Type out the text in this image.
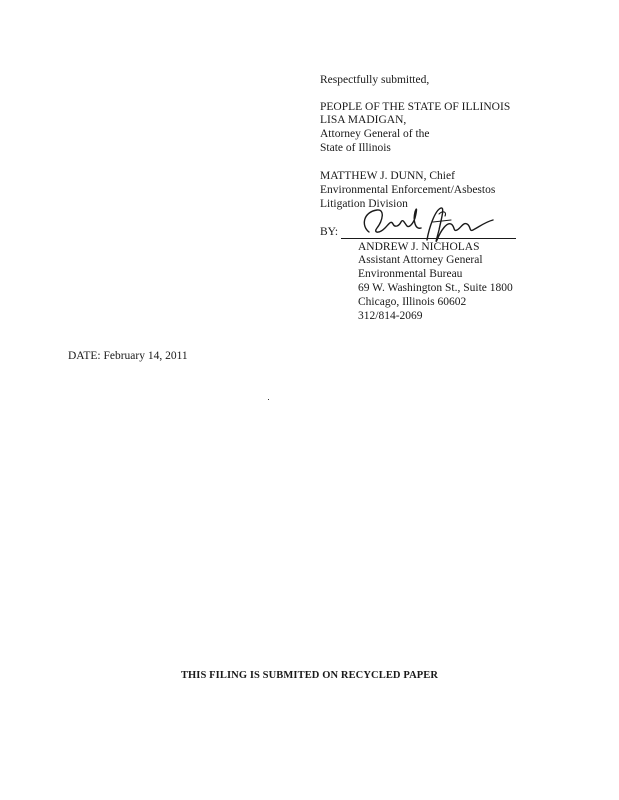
Respectfully submitted,
PEOPLE OF THE STATE OF ILLINOIS
LISA MADIGAN,
Attorney General of the
State of Illinois
MATTHEW J. DUNN, Chief
Environmental Enforcement/Asbestos
Litigation Division
BY:
ANDREW J. NICHOLAS
Assistant Attorney General
Environmental Bureau
69 W. Washington St., Suite 1800
Chicago, Illinois 60602
312/814-2069
DATE: February 14, 2011
THIS FILING IS SUBMITED ON RECYCLED PAPER
